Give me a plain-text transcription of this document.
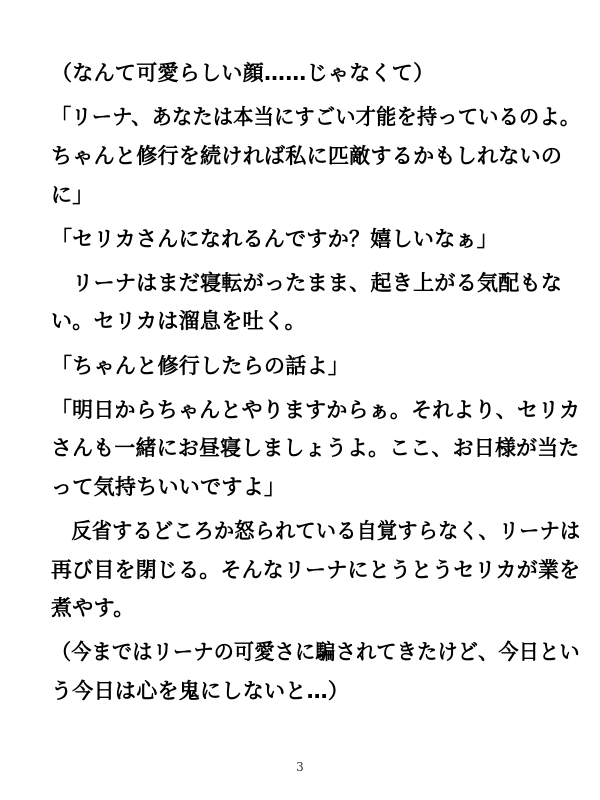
（なんて可愛らしい顔……じゃなくて）
「リーナ、あなたは本当にすごい才能を持っているのよ。
ちゃんと修行を続ければ私に匹敵するかもしれないの
に」
「セリカさんになれるんですか？嬉しいなぁ」
　リーナはまだ寝転がったまま、起き上がる気配もな
い。セリカは溜息を吐く。
「ちゃんと修行したらの話よ」
「明日からちゃんとやりますからぁ。それより、セリカ
さんも一緒にお昼寝しましょうよ。ここ、お日様が当た
って気持ちいいですよ」
　反省するどころか怒られている自覚すらなく、リーナは
再び目を閉じる。そんなリーナにとうとうセリカが業を
煮やす。
（今まではリーナの可愛さに騙されてきたけど、今日とい
う今日は心を鬼にしないと…）
3
